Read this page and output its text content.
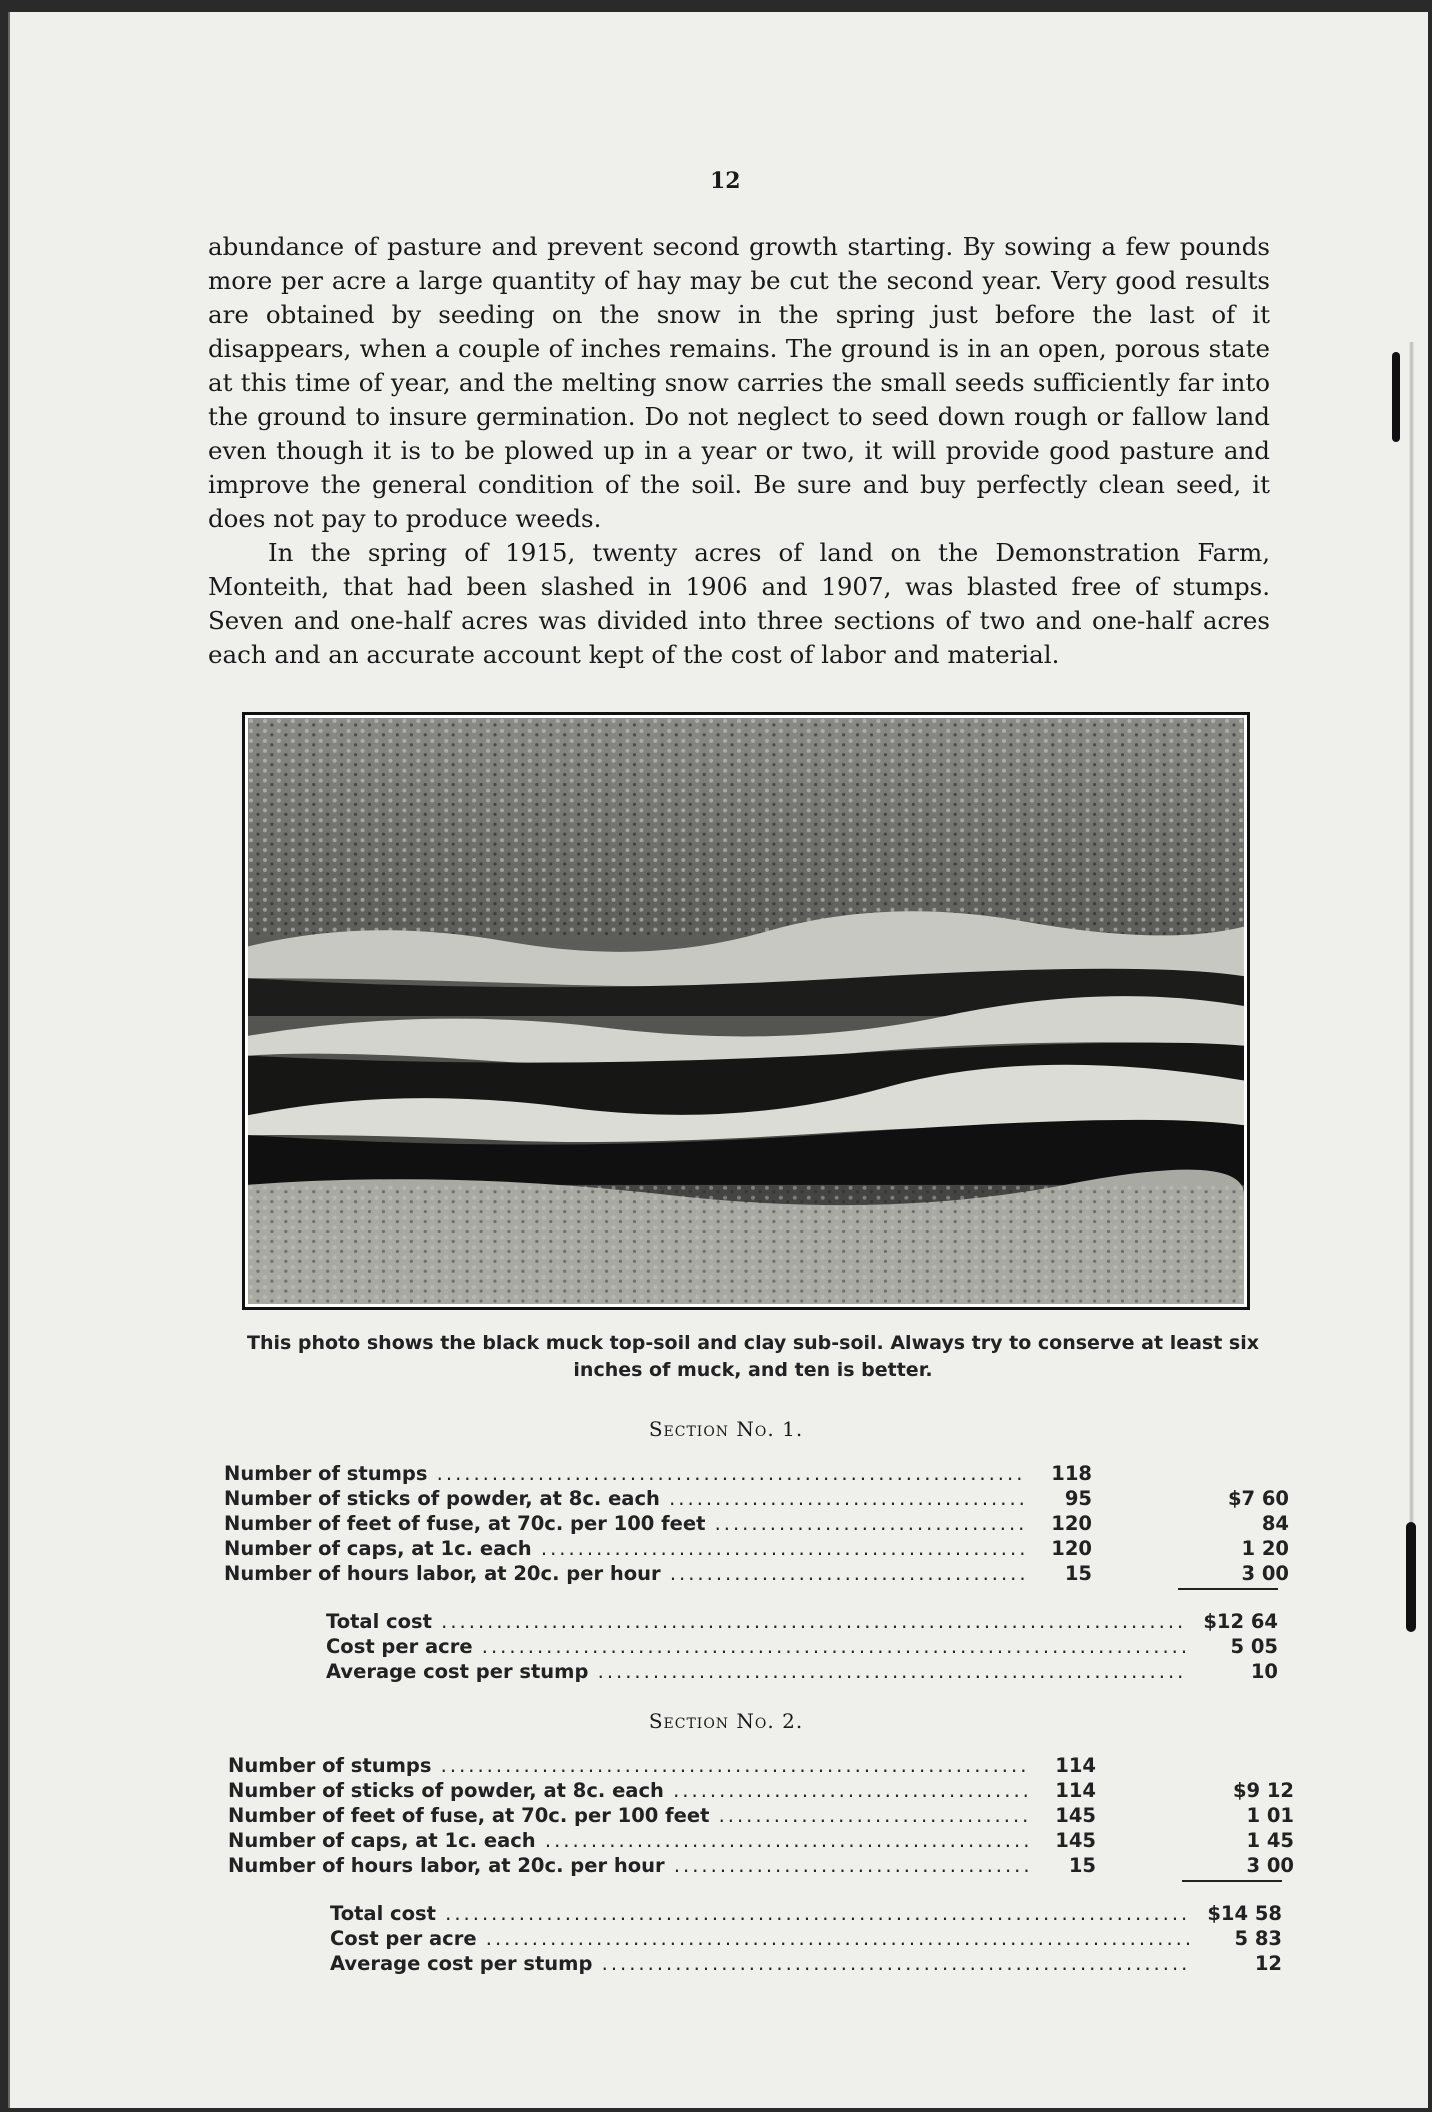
12

abundance of pasture and prevent second growth starting. By sowing a few pounds more per acre a large quantity of hay may be cut the second year. Very good results are obtained by seeding on the snow in the spring just before the last of it disappears, when a couple of inches remains. The ground is in an open, porous state at this time of year, and the melting snow carries the small seeds sufficiently far into the ground to insure germination. Do not neglect to seed down rough or fallow land even though it is to be plowed up in a year or two, it will provide good pasture and improve the general condition of the soil. Be sure and buy perfectly clean seed, it does not pay to produce weeds.

In the spring of 1915, twenty acres of land on the Demonstration Farm, Monteith, that had been slashed in 1906 and 1907, was blasted free of stumps. Seven and one-half acres was divided into three sections of two and one-half acres each and an accurate account kept of the cost of labor and material.

This photo shows the black muck top-soil and clay sub-soil. Always try to conserve at least six inches of muck, and ten is better.
Section No. 1.
Number of stumps .....	118
Number of sticks of powder, at 8c. each .....	95	$7 60
Number of feet of fuse, at 70c. per 100 feet .....	120	84
Number of caps, at 1c. each .....	120	1 20
Number of hours labor, at 20c. per hour .....	15	3 00
Total cost .....	$12 64
Cost per acre .....	5 05
Average cost per stump .....	10
Section No. 2.
Number of stumps .....	114
Number of sticks of powder, at 8c. each .....	114	$9 12
Number of feet of fuse, at 70c. per 100 feet .....	145	1 01
Number of caps, at 1c. each .....	145	1 45
Number of hours labor, at 20c. per hour .....	15	3 00
Total cost .....	$14 58
Cost per acre .....	5 83
Average cost per stump .....	12
